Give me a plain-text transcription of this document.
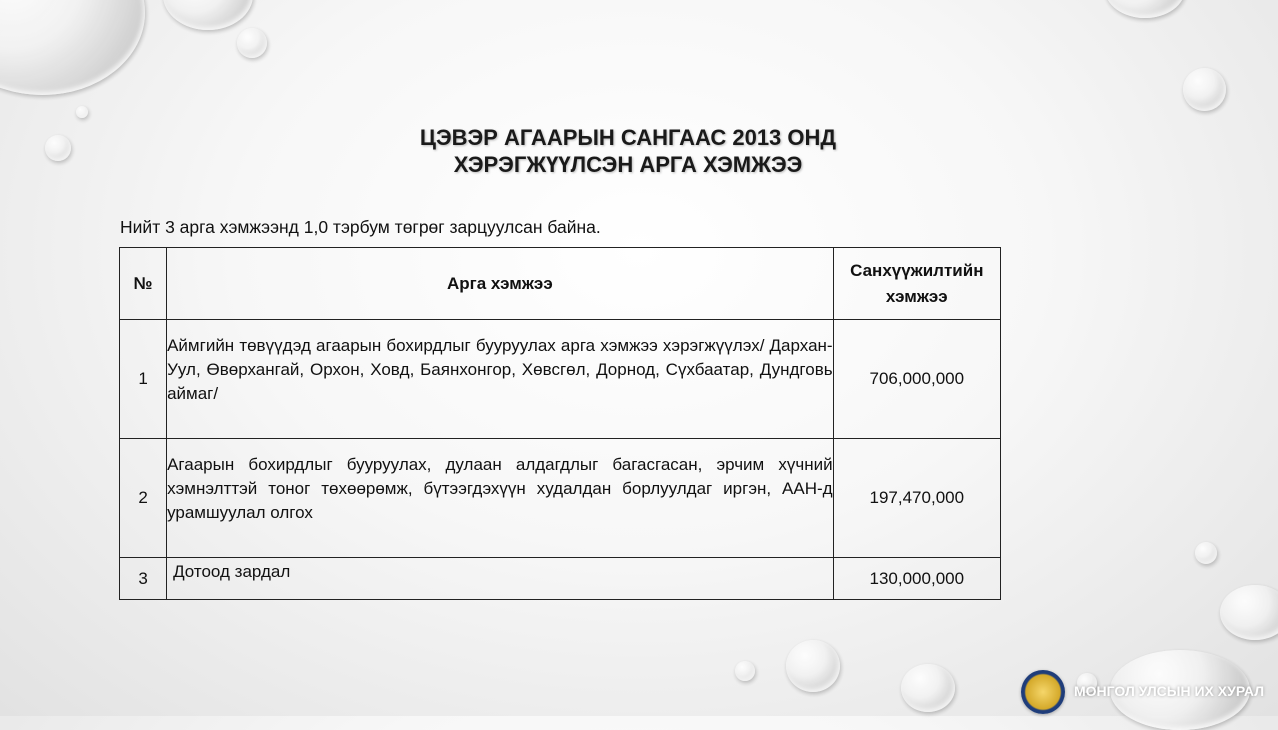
ЦЭВЭР АГААРЫН САНГААС 2013 ОНД
ХЭРЭГЖҮҮЛСЭН АРГА ХЭМЖЭЭ
Нийт 3 арга хэмжээнд 1,0 тэрбум төгрөг зарцуулсан байна.
№	Арга хэмжээ	Санхүүжилтийн
хэмжээ

1	Аймгийн төвүүдэд агаарын бохирдлыг бууруулах арга хэмжээ хэрэгжүүлэх/ Дархан-Уул, Өвөрхангай, Орхон, Ховд, Баянхонгор, Хөвсгөл, Дорнод, Сүхбаатар, Дундговь аймаг/	706,000,000
2	Агаарын бохирдлыг бууруулах, дулаан алдагдлыг багасгасан, эрчим хүчний хэмнэлттэй тоног төхөөрөмж, бүтээгдэхүүн худалдан борлуулдаг иргэн, ААН-д урамшуулал олгох	197,470,000
3	Дотоод зардал	130,000,000
МОНГОЛ УЛСЫН ИХ ХУРАЛ
